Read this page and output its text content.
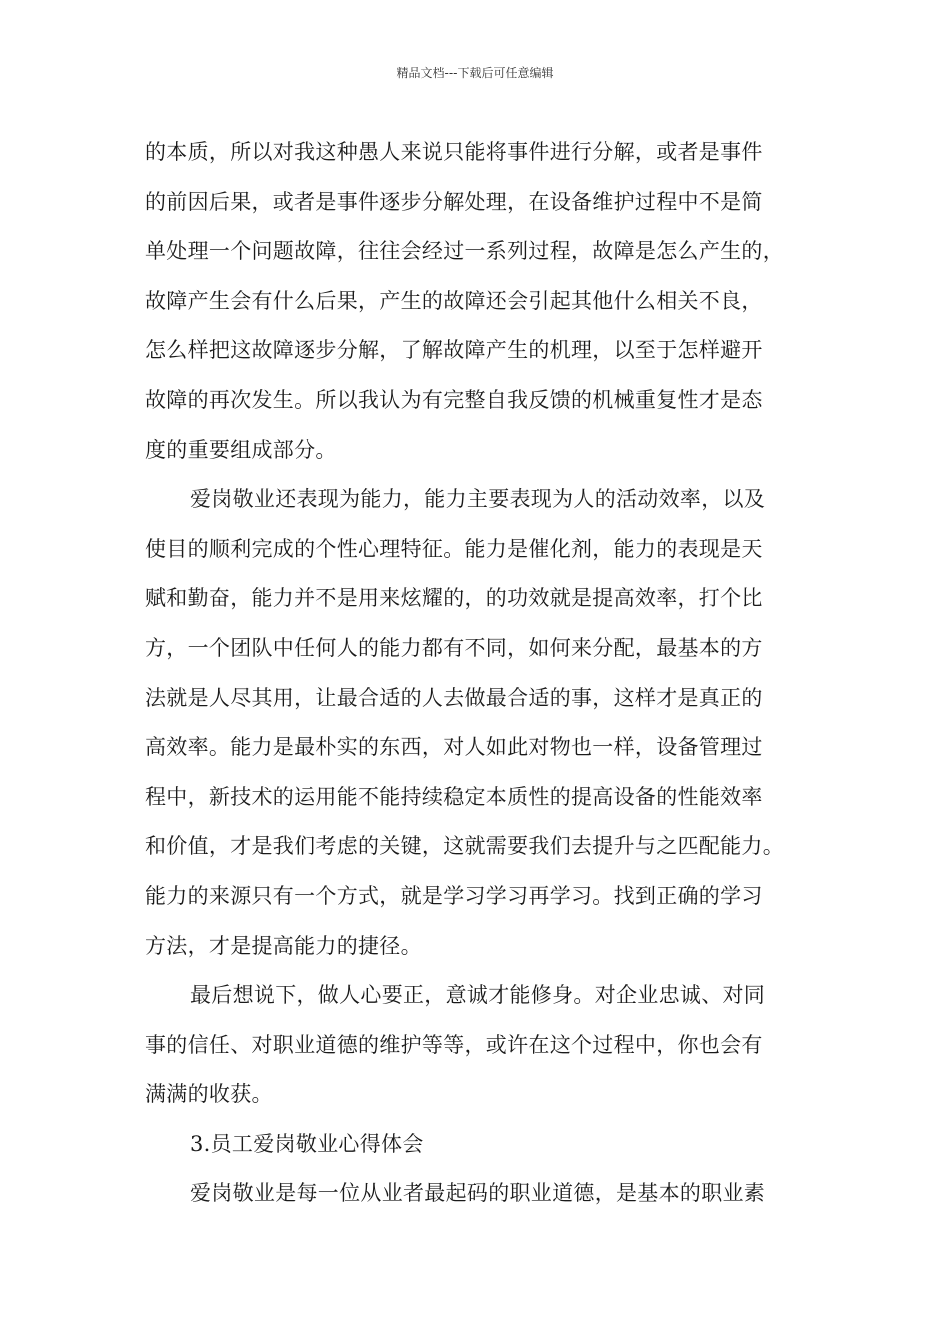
精品文档---下载后可任意编辑
的本质，所以对我这种愚人来说只能将事件进行分解，或者是事件
的前因后果，或者是事件逐步分解处理，在设备维护过程中不是简
单处理一个问题故障，往往会经过一系列过程，故障是怎么产生的，
故障产生会有什么后果，产生的故障还会引起其他什么相关不良，
怎么样把这故障逐步分解，了解故障产生的机理，以至于怎样避开
故障的再次发生。所以我认为有完整自我反馈的机械重复性才是态
度的重要组成部分。
爱岗敬业还表现为能力，能力主要表现为人的活动效率，以及
使目的顺利完成的个性心理特征。能力是催化剂，能力的表现是天
赋和勤奋，能力并不是用来炫耀的，的功效就是提高效率，打个比
方，一个团队中任何人的能力都有不同，如何来分配，最基本的方
法就是人尽其用，让最合适的人去做最合适的事，这样才是真正的
高效率。能力是最朴实的东西，对人如此对物也一样，设备管理过
程中，新技术的运用能不能持续稳定本质性的提高设备的性能效率
和价值，才是我们考虑的关键，这就需要我们去提升与之匹配能力。
能力的来源只有一个方式，就是学习学习再学习。找到正确的学习
方法，才是提高能力的捷径。
最后想说下，做人心要正，意诚才能修身。对企业忠诚、对同
事的信任、对职业道德的维护等等，或许在这个过程中，你也会有
满满的收获。
3.员工爱岗敬业心得体会
爱岗敬业是每一位从业者最起码的职业道德，是基本的职业素
